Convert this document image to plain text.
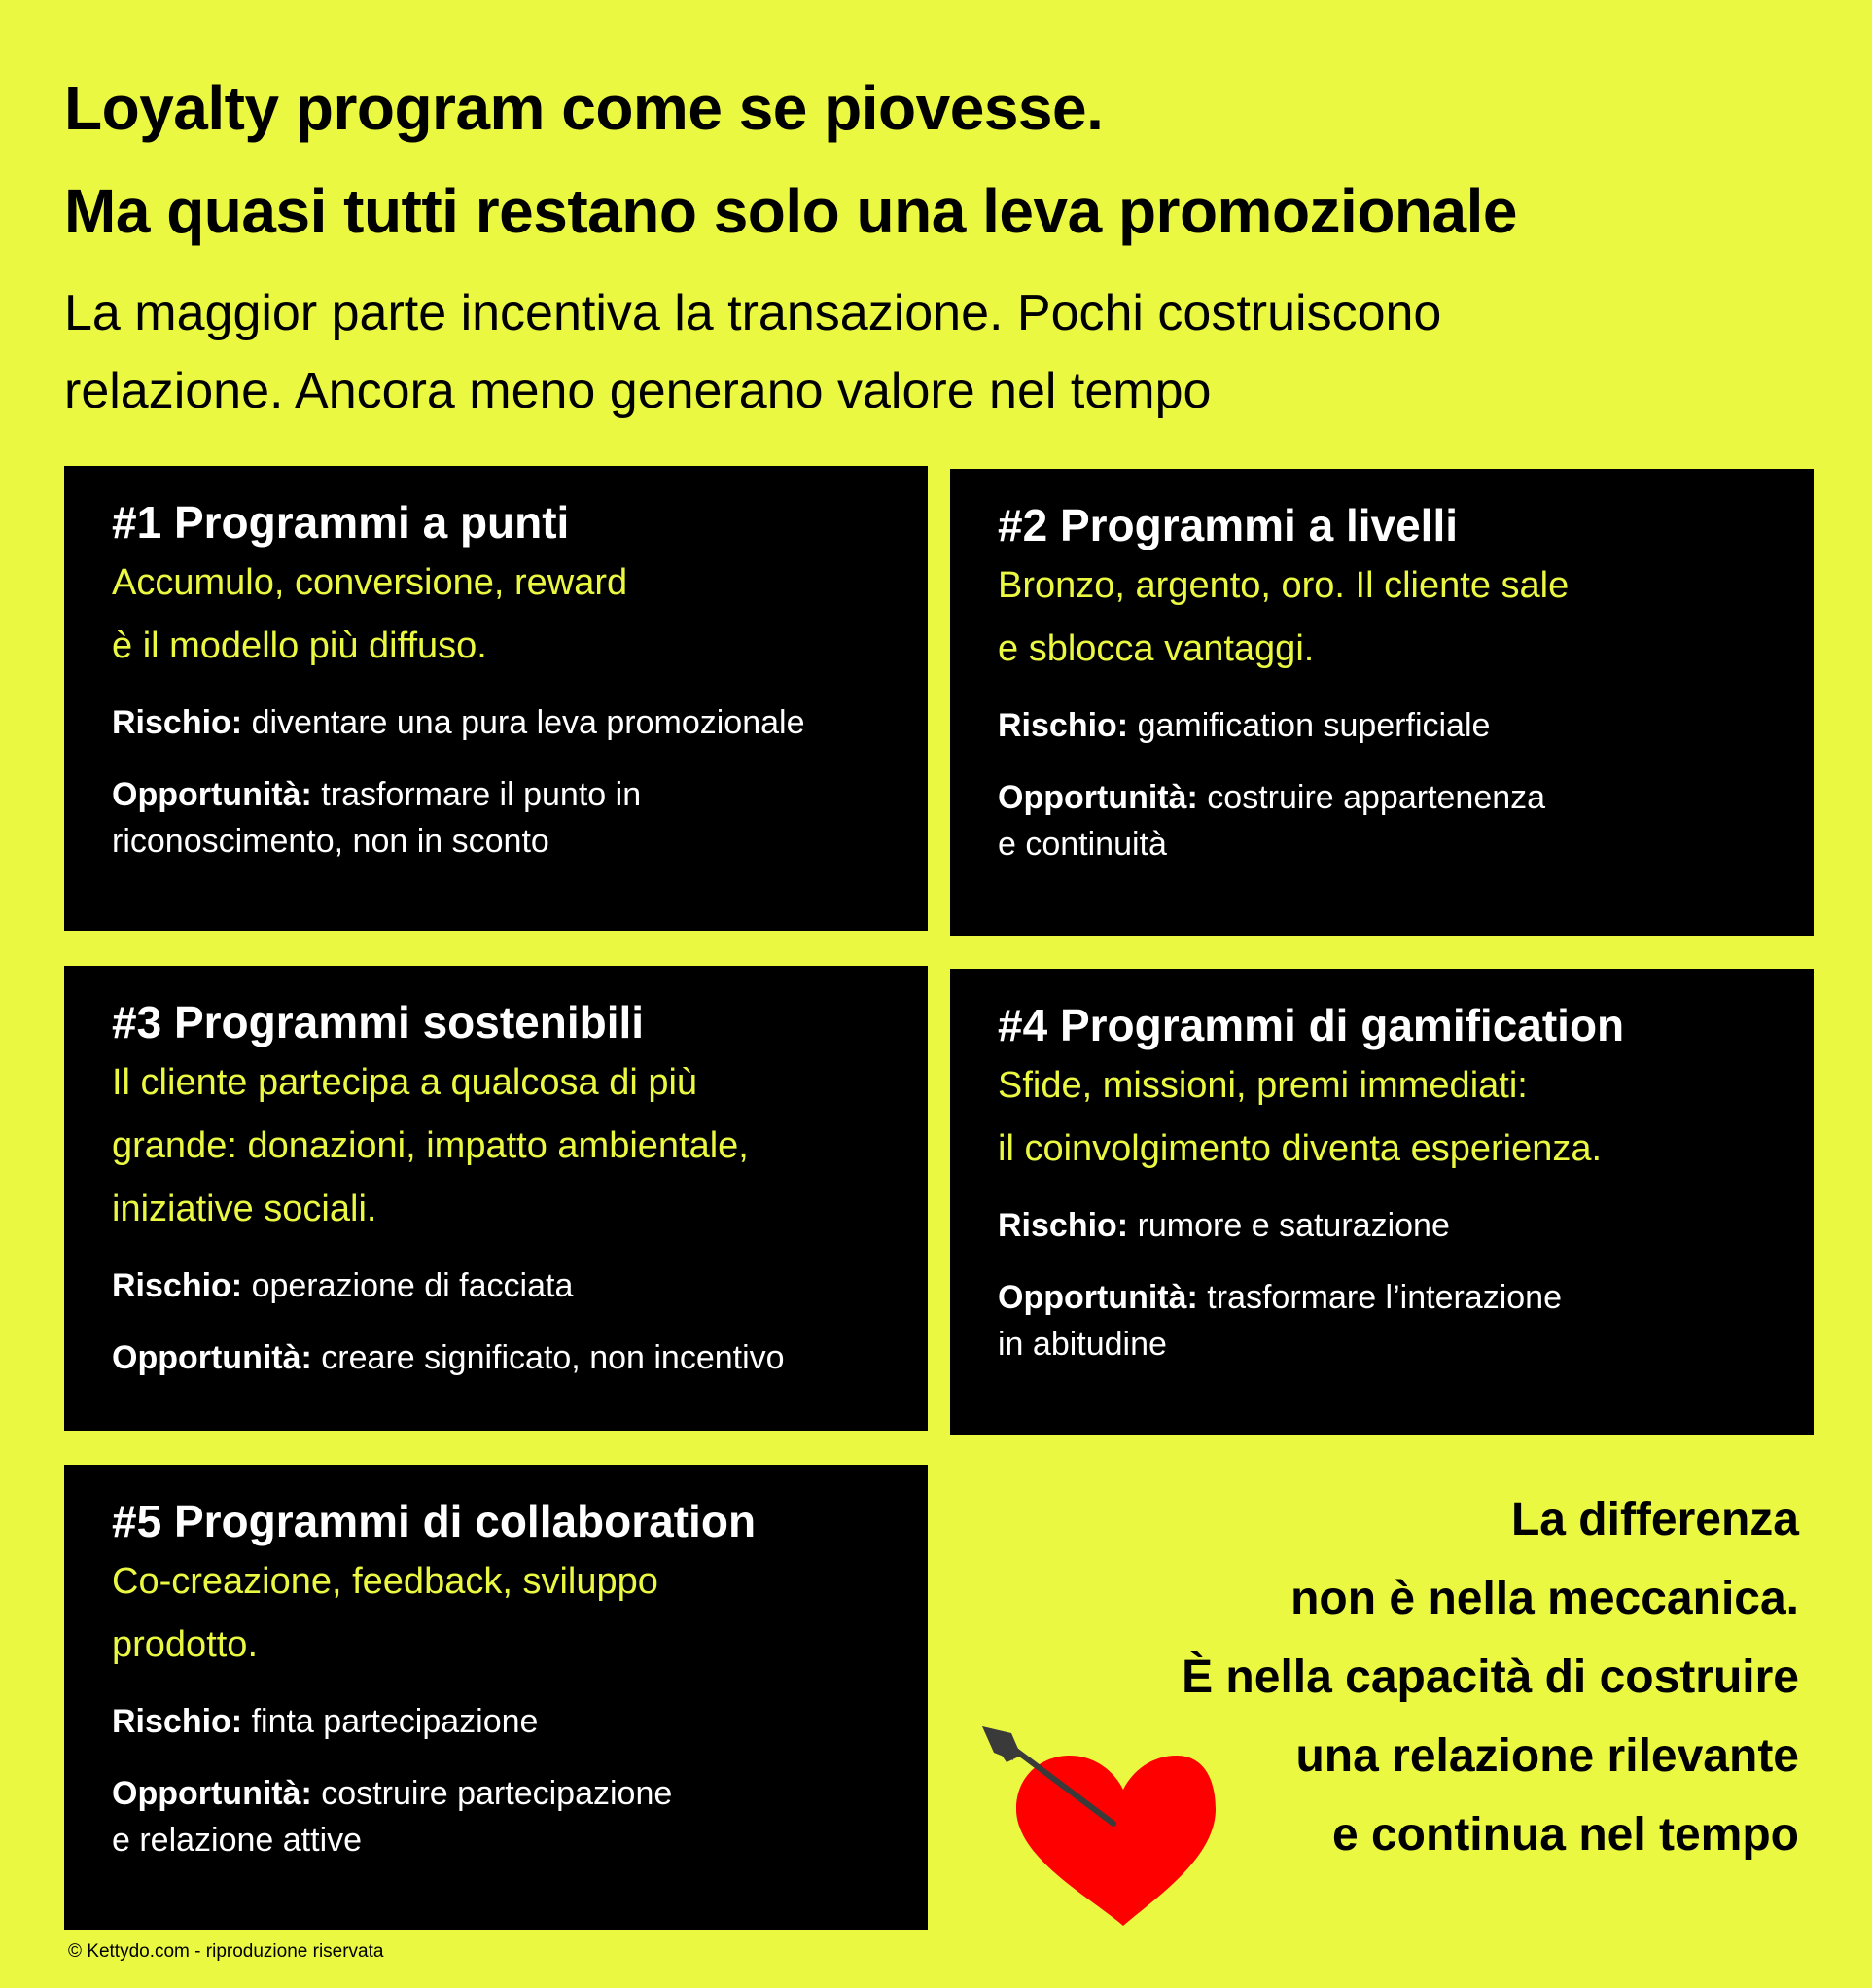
Loyalty program come se piovesse.
Ma quasi tutti restano solo una leva promozionale

La maggior parte incentiva la transazione. Pochi costruiscono
relazione. Ancora meno generano valore nel tempo

#1 Programmi a punti
Accumulo, conversione, reward
è il modello più diffuso.
Rischio: diventare una pura leva promozionale
Opportunità: trasformare il punto in
riconoscimento, non in sconto
#2 Programmi a livelli
Bronzo, argento, oro. Il cliente sale
e sblocca vantaggi.
Rischio: gamification superficiale
Opportunità: costruire appartenenza
e continuità
#3 Programmi sostenibili
Il cliente partecipa a qualcosa di più
grande: donazioni, impatto ambientale,
iniziative sociali.
Rischio: operazione di facciata
Opportunità: creare significato, non incentivo
#4 Programmi di gamification
Sfide, missioni, premi immediati:
il coinvolgimento diventa esperienza.
Rischio: rumore e saturazione
Opportunità: trasformare l’interazione
in abitudine
#5 Programmi di collaboration
Co-creazione, feedback, sviluppo
prodotto.
Rischio: finta partecipazione
Opportunità: costruire partecipazione
e relazione attive
La differenza
non è nella meccanica.
È nella capacità di costruire
una relazione rilevante
e continua nel tempo
© Kettydo.com - riproduzione riservata
